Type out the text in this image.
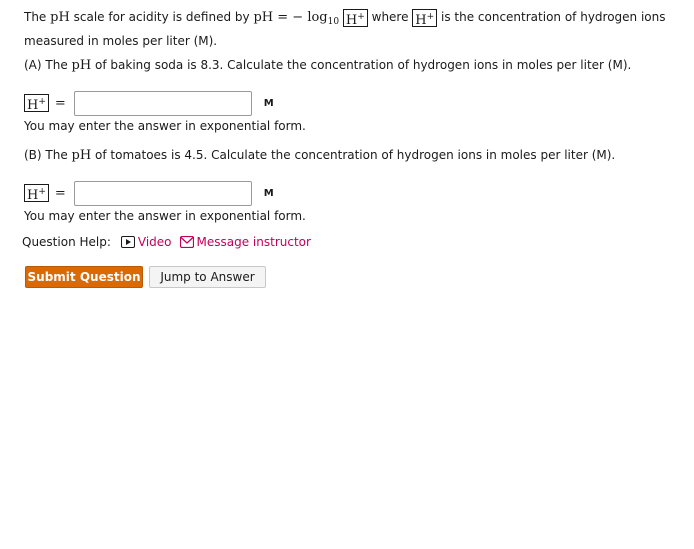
The pH scale for acidity is defined by pH = − $\log_{10} H^+$ where H+ is the concentration of hydrogen ions measured in moles per liter (M).
(A) The pH of baking soda is 8.3. Calculate the concentration of hydrogen ions in moles per liter (M).
H+ =	M
You may enter the answer in exponential form.
(B) The pH of tomatoes is 4.5. Calculate the concentration of hydrogen ions in moles per liter (M).
H+ =	M
You may enter the answer in exponential form.
Question Help: Video Message instructor
Submit Question	Jump to Answer
